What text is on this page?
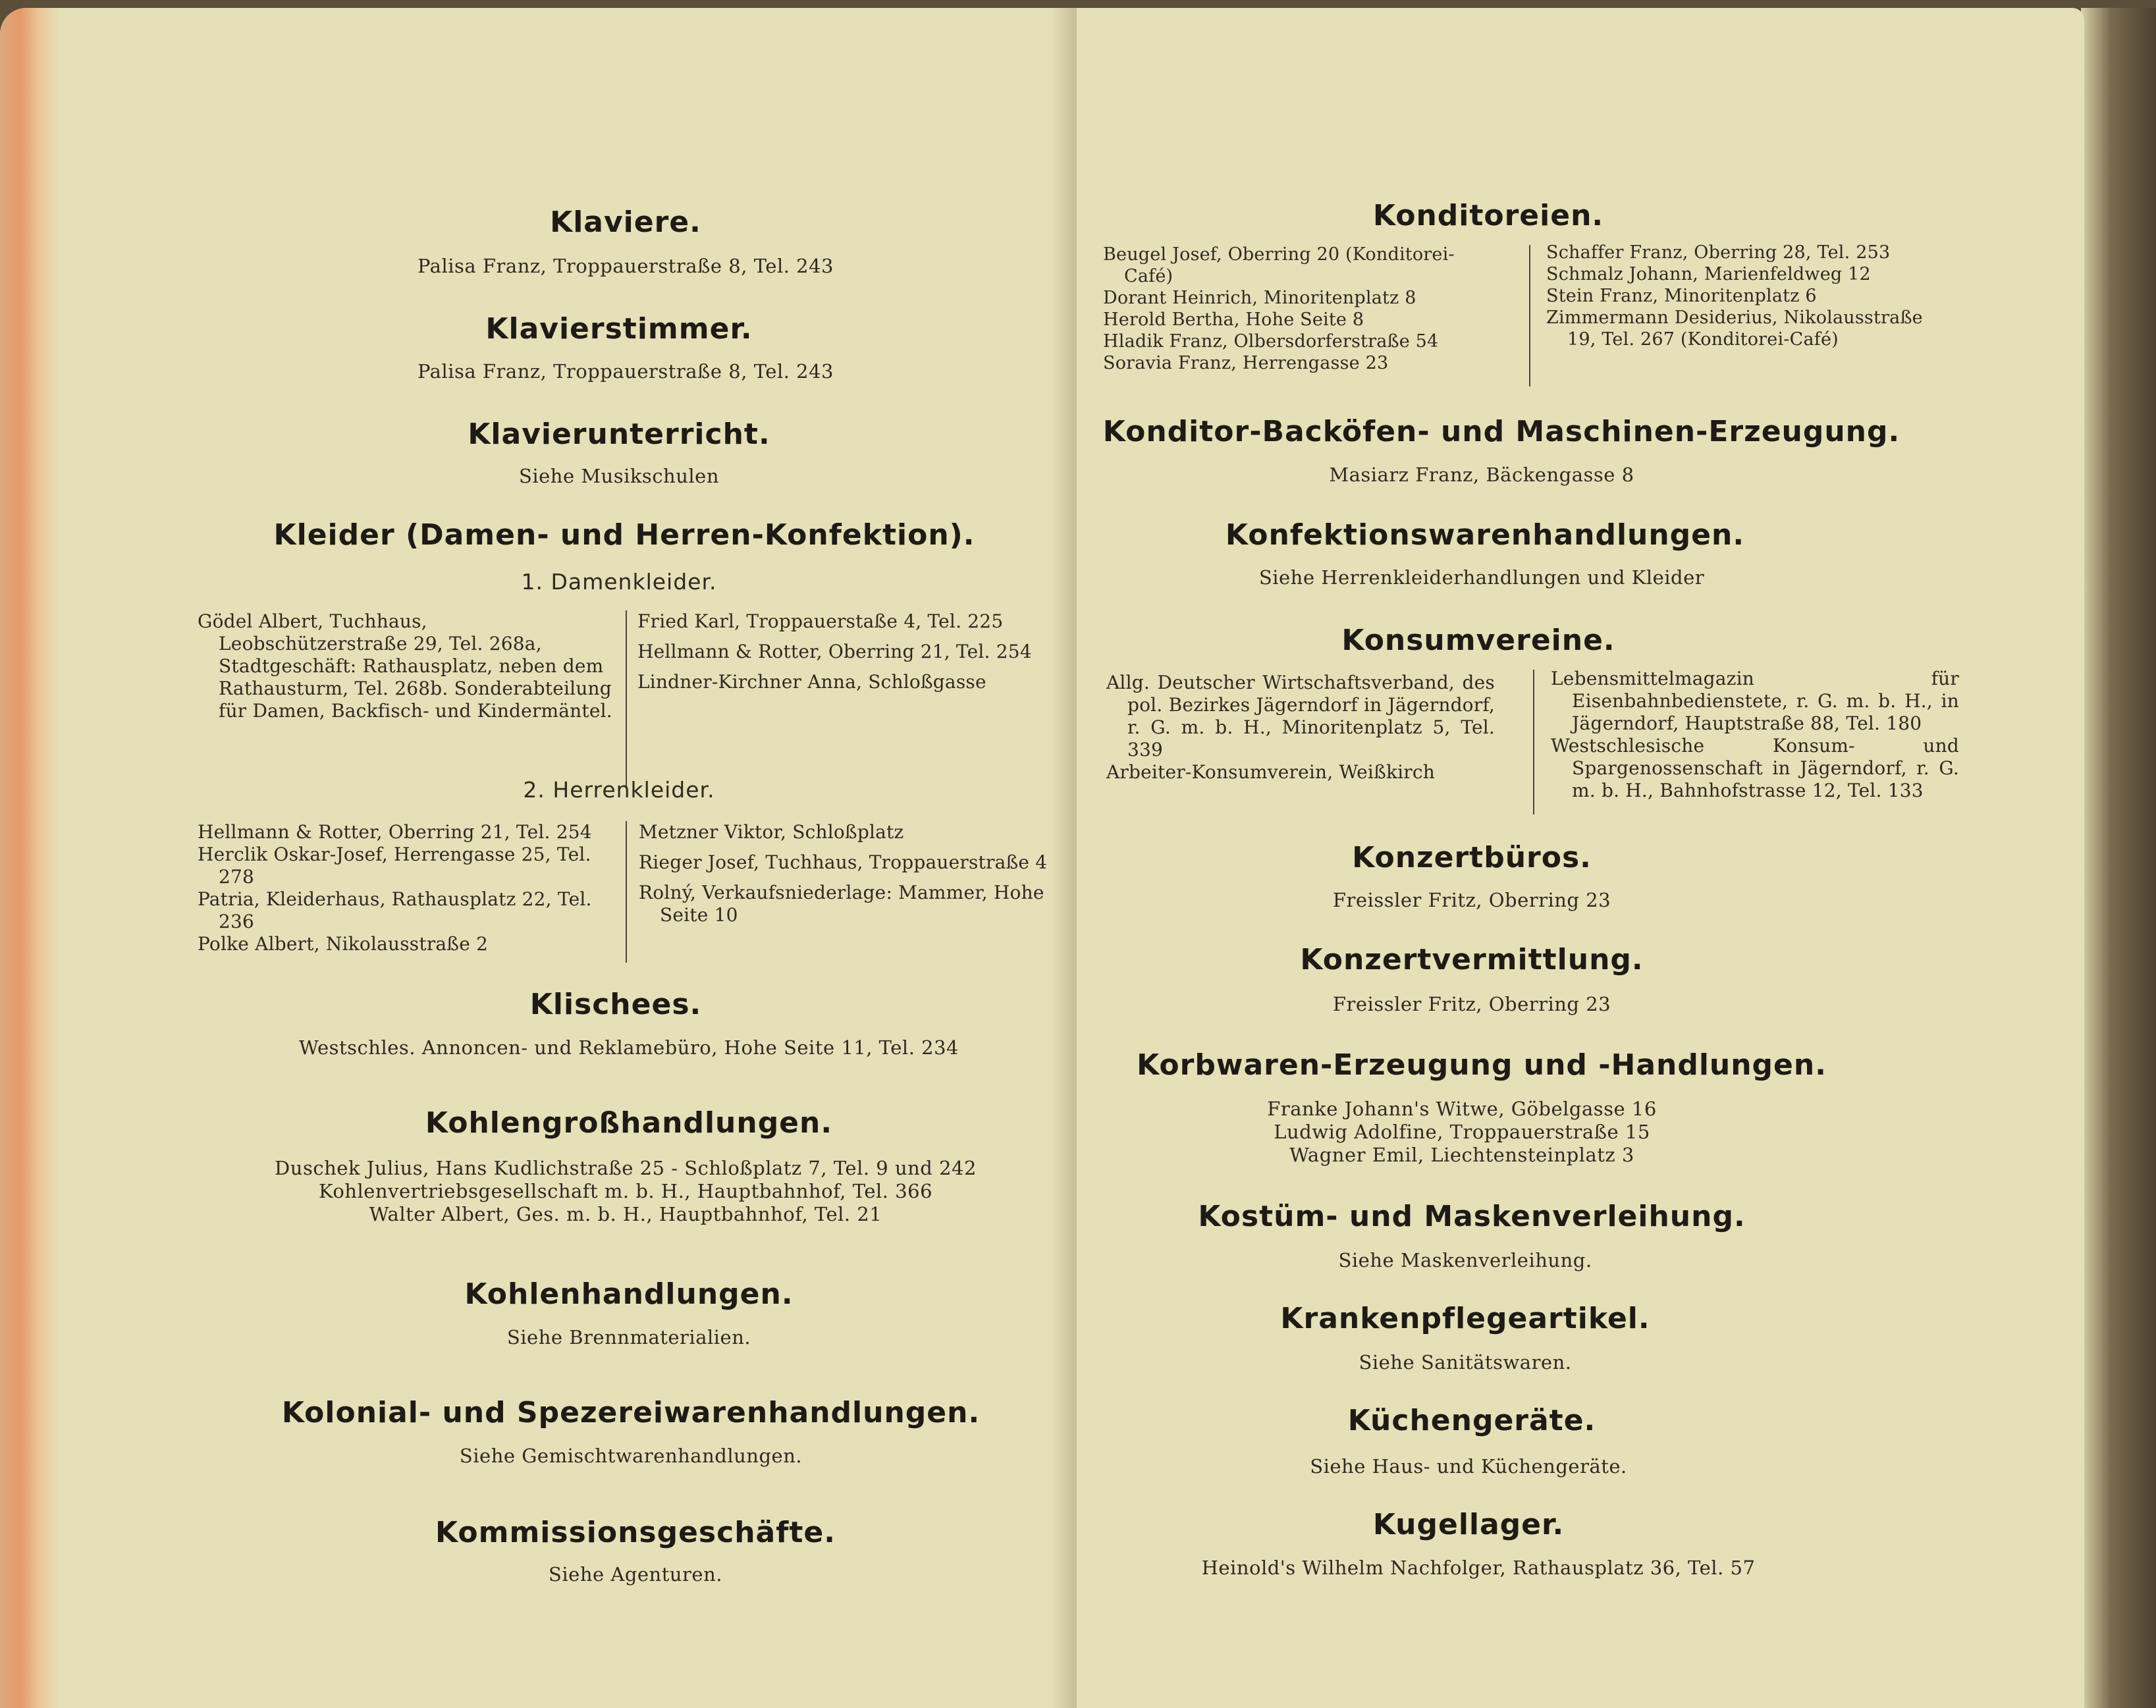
Klaviere.
Palisa Franz, Troppauerstraße 8, Tel. 243
Klavierstimmer.
Palisa Franz, Troppauerstraße 8, Tel. 243
Klavierunterricht.
Siehe Musikschulen
Kleider (Damen- und Herren-Konfektion).
1. Damenkleider.
Gödel Albert, Tuchhaus, Leobschützerstraße 29, Tel. 268a, Stadtgeschäft: Rathausplatz, neben dem Rathausturm, Tel. 268b. Sonderabteilung für Damen, Backfisch- und Kindermäntel.
Fried Karl, Troppauerstaße 4, Tel. 225
Hellmann & Rotter, Oberring 21, Tel. 254
Lindner-Kirchner Anna, Schloßgasse
2. Herrenkleider.
Hellmann & Rotter, Oberring 21, Tel. 254
Herclik Oskar-Josef, Herrengasse 25, Tel. 278
Patria, Kleiderhaus, Rathausplatz 22, Tel. 236
Polke Albert, Nikolausstraße 2
Metzner Viktor, Schloßplatz
Rieger Josef, Tuchhaus, Troppauerstraße 4
Rolný, Verkaufsniederlage: Mammer, Hohe Seite 10
Klischees.
Westschles. Annoncen- und Reklamebüro, Hohe Seite 11, Tel. 234
Kohlengroßhandlungen.
Duschek Julius, Hans Kudlichstraße 25 - Schloßplatz 7, Tel. 9 und 242
Kohlenvertriebsgesellschaft m. b. H., Hauptbahnhof, Tel. 366
Walter Albert, Ges. m. b. H., Hauptbahnhof, Tel. 21
Kohlenhandlungen.
Siehe Brennmaterialien.
Kolonial- und Spezereiwarenhandlungen.
Siehe Gemischtwarenhandlungen.
Kommissionsgeschäfte.
Siehe Agenturen.
Konditoreien.
Beugel Josef, Oberring 20 (Konditorei-Café)
Dorant Heinrich, Minoritenplatz 8
Herold Bertha, Hohe Seite 8
Hladik Franz, Olbersdorferstraße 54
Soravia Franz, Herrengasse 23
Schaffer Franz, Oberring 28, Tel. 253
Schmalz Johann, Marienfeldweg 12
Stein Franz, Minoritenplatz 6
Zimmermann Desiderius, Nikolausstraße 19, Tel. 267 (Konditorei-Café)
Konditor-Backöfen- und Maschinen-Erzeugung.
Masiarz Franz, Bäckengasse 8
Konfektionswarenhandlungen.
Siehe Herrenkleiderhandlungen und Kleider
Konsumvereine.
Allg. Deutscher Wirtschaftsverband, des pol. Bezirkes Jägerndorf in Jägerndorf, r. G. m. b. H., Minoritenplatz 5, Tel. 339
Arbeiter-Konsumverein, Weißkirch
Lebensmittelmagazin für Eisenbahnbedienstete, r. G. m. b. H., in Jägerndorf, Hauptstraße 88, Tel. 180
Westschlesische Konsum- und Spargenossenschaft in Jägerndorf, r. G. m. b. H., Bahnhofstrasse 12, Tel. 133
Konzertbüros.
Freissler Fritz, Oberring 23
Konzertvermittlung.
Freissler Fritz, Oberring 23
Korbwaren-Erzeugung und -Handlungen.
Franke Johann's Witwe, Göbelgasse 16
Ludwig Adolfine, Troppauerstraße 15
Wagner Emil, Liechtensteinplatz 3
Kostüm- und Maskenverleihung.
Siehe Maskenverleihung.
Krankenpflegeartikel.
Siehe Sanitätswaren.
Küchengeräte.
Siehe Haus- und Küchengeräte.
Kugellager.
Heinold's Wilhelm Nachfolger, Rathausplatz 36, Tel. 57
